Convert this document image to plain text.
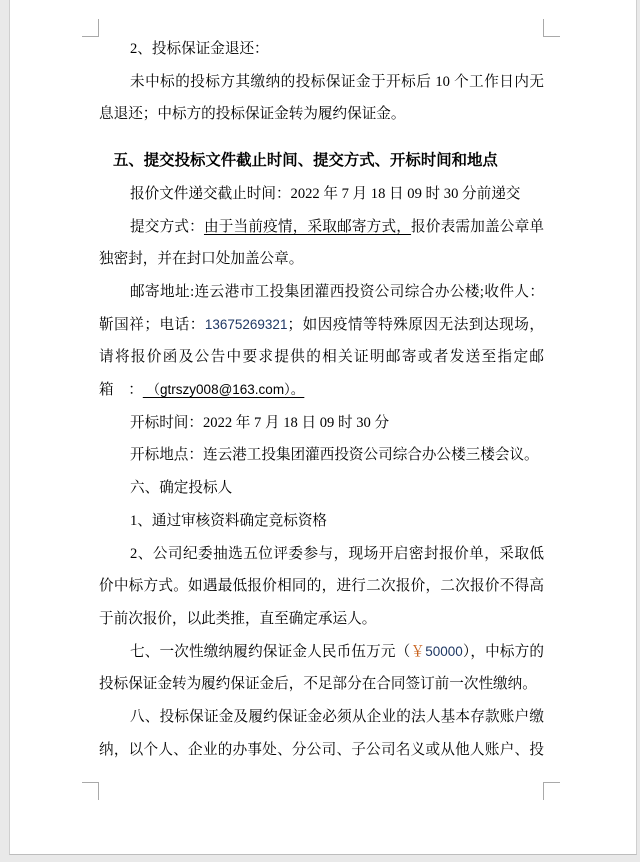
2、投标保证金退还：
未中标的投标方其缴纳的投标保证金于开标后 10 个工作日内无
息退还；中标方的投标保证金转为履约保证金。
五、提交投标文件截止时间、提交方式、开标时间和地点
报价文件递交截止时间：2022 年 7 月 18 日 09 时 30 分前递交
提交方式：由于当前疫情，采取邮寄方式，报价表需加盖公章单
独密封，并在封口处加盖公章。
邮寄地址:连云港市工投集团灌西投资公司综合办公楼;收件人：
靳国祥；电话：13675269321；如因疫情等特殊原因无法到达现场，
请将报价函及公告中要求提供的相关证明邮寄或者发送至指定邮
箱　： （gtrszy008@163.com）。
开标时间：2022 年 7 月 18 日 09 时 30 分
开标地点：连云港工投集团灌西投资公司综合办公楼三楼会议。
六、确定投标人
1、通过审核资料确定竞标资格
2、公司纪委抽选五位评委参与，现场开启密封报价单，采取低
价中标方式。如遇最低报价相同的，进行二次报价，二次报价不得高
于前次报价，以此类推，直至确定承运人。
七、一次性缴纳履约保证金人民币伍万元（￥50000），中标方的
投标保证金转为履约保证金后，不足部分在合同签订前一次性缴纳。
八、投标保证金及履约保证金必须从企业的法人基本存款账户缴
纳，以个人、企业的办事处、分公司、子公司名义或从他人账户、投
